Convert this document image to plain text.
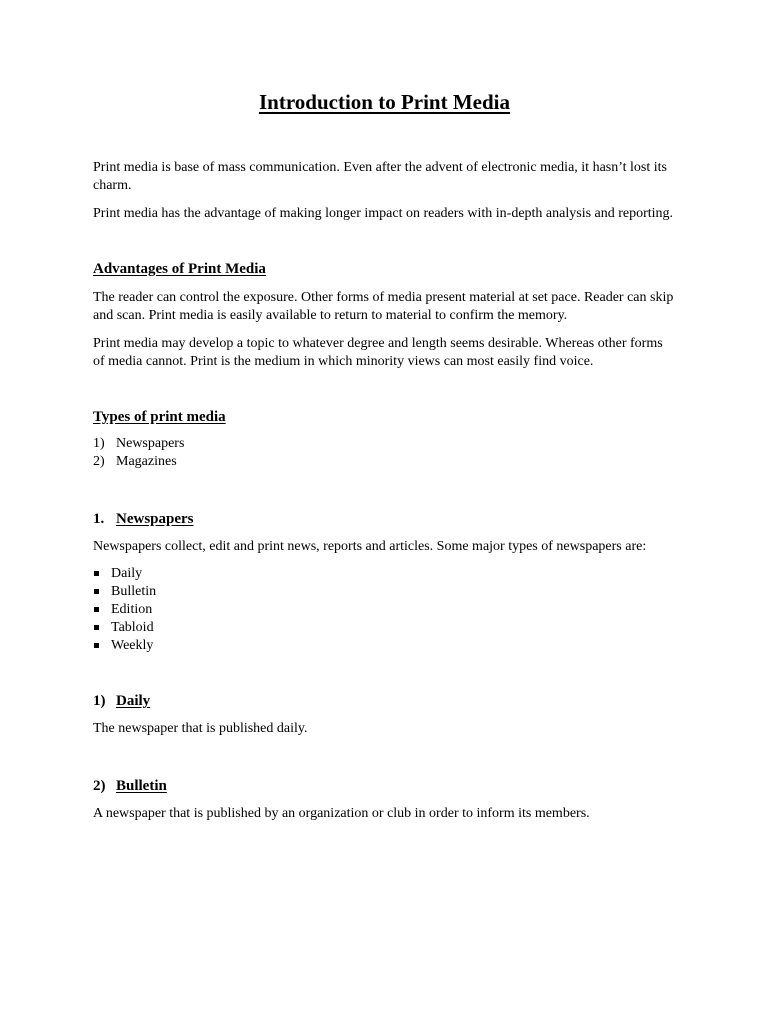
Introduction to Print Media

Print media is base of mass communication. Even after the advent of electronic media, it hasn’t lost its charm.

Print media has the advantage of making longer impact on readers with in-depth analysis and reporting.

Advantages of Print Media

The reader can control the exposure. Other forms of media present material at set pace. Reader can skip and scan. Print media is easily available to return to material to confirm the memory.

Print media may develop a topic to whatever degree and length seems desirable. Whereas other forms of media cannot. Print is the medium in which minority views can most easily find voice.

Types of print media
1) Newspapers
2) Magazines
1. Newspapers

Newspapers collect, edit and print news, reports and articles. Some major types of newspapers are:

Daily
Bulletin
Edition
Tabloid
Weekly
1) Daily

The newspaper that is published daily.

2) Bulletin

A newspaper that is published by an organization or club in order to inform its members.
